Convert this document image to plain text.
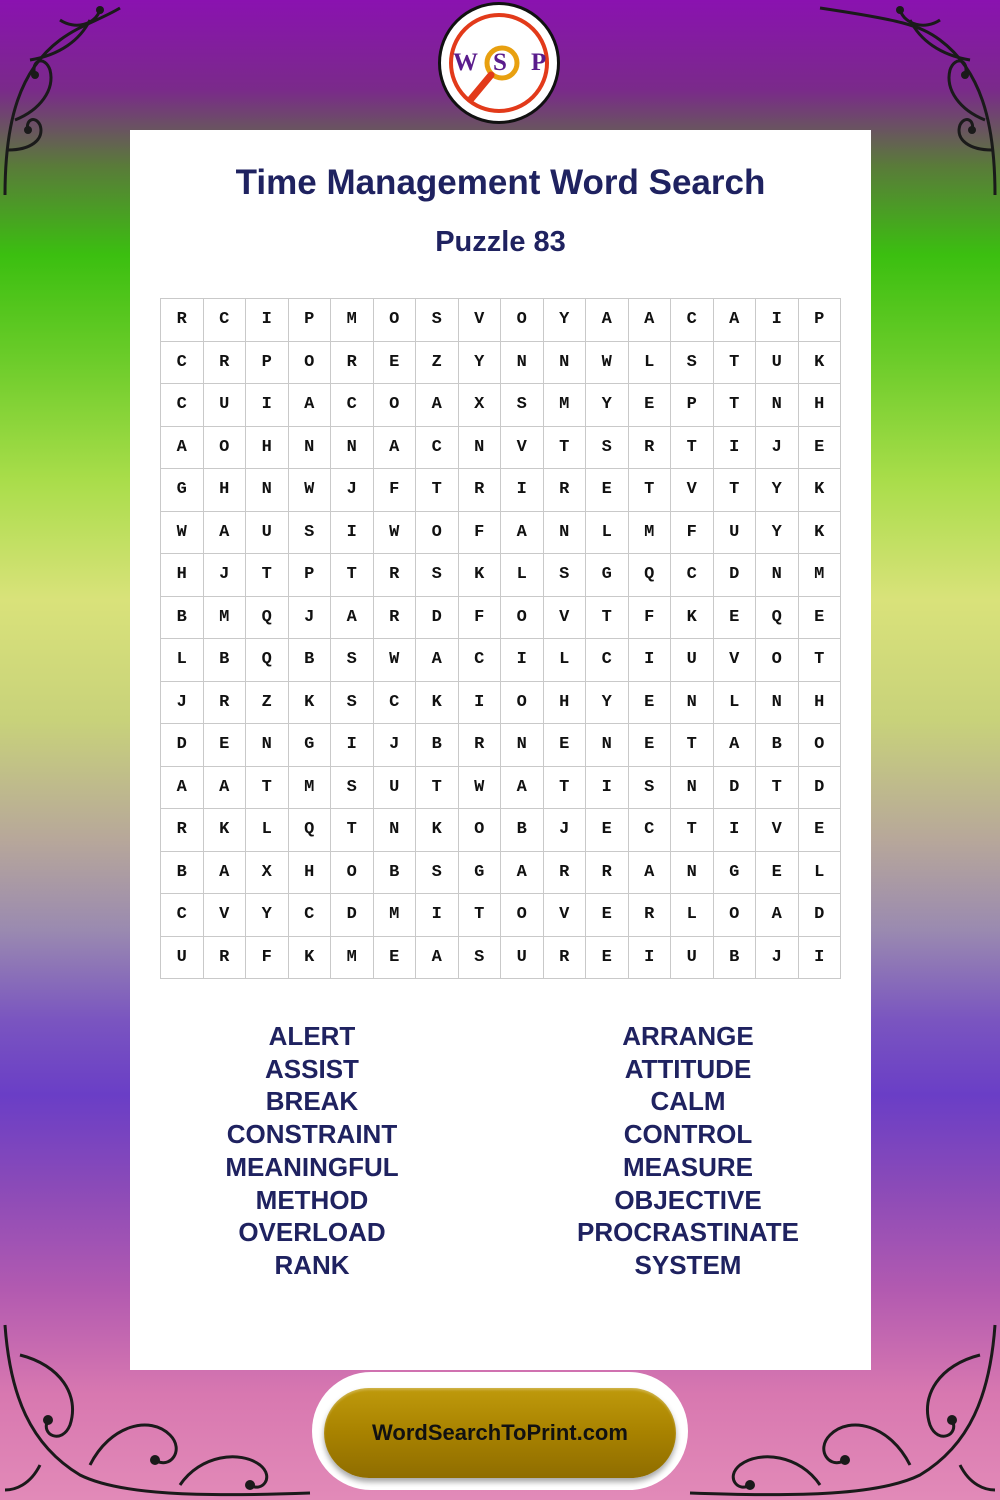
W S P
Time Management Word Search
Puzzle 83
R	C	I	P	M	O	S	V	O	Y	A	A	C	A	I	P
C	R	P	O	R	E	Z	Y	N	N	W	L	S	T	U	K
C	U	I	A	C	O	A	X	S	M	Y	E	P	T	N	H
A	O	H	N	N	A	C	N	V	T	S	R	T	I	J	E
G	H	N	W	J	F	T	R	I	R	E	T	V	T	Y	K
W	A	U	S	I	W	O	F	A	N	L	M	F	U	Y	K
H	J	T	P	T	R	S	K	L	S	G	Q	C	D	N	M
B	M	Q	J	A	R	D	F	O	V	T	F	K	E	Q	E
L	B	Q	B	S	W	A	C	I	L	C	I	U	V	O	T
J	R	Z	K	S	C	K	I	O	H	Y	E	N	L	N	H
D	E	N	G	I	J	B	R	N	E	N	E	T	A	B	O
A	A	T	M	S	U	T	W	A	T	I	S	N	D	T	D
R	K	L	Q	T	N	K	O	B	J	E	C	T	I	V	E
B	A	X	H	O	B	S	G	A	R	R	A	N	G	E	L
C	V	Y	C	D	M	I	T	O	V	E	R	L	O	A	D
U	R	F	K	M	E	A	S	U	R	E	I	U	B	J	I
ALERT
ASSIST
BREAK
CONSTRAINT
MEANINGFUL
METHOD
OVERLOAD
RANK
ARRANGE
ATTITUDE
CALM
CONTROL
MEASURE
OBJECTIVE
PROCRASTINATE
SYSTEM
WordSearchToPrint.com
